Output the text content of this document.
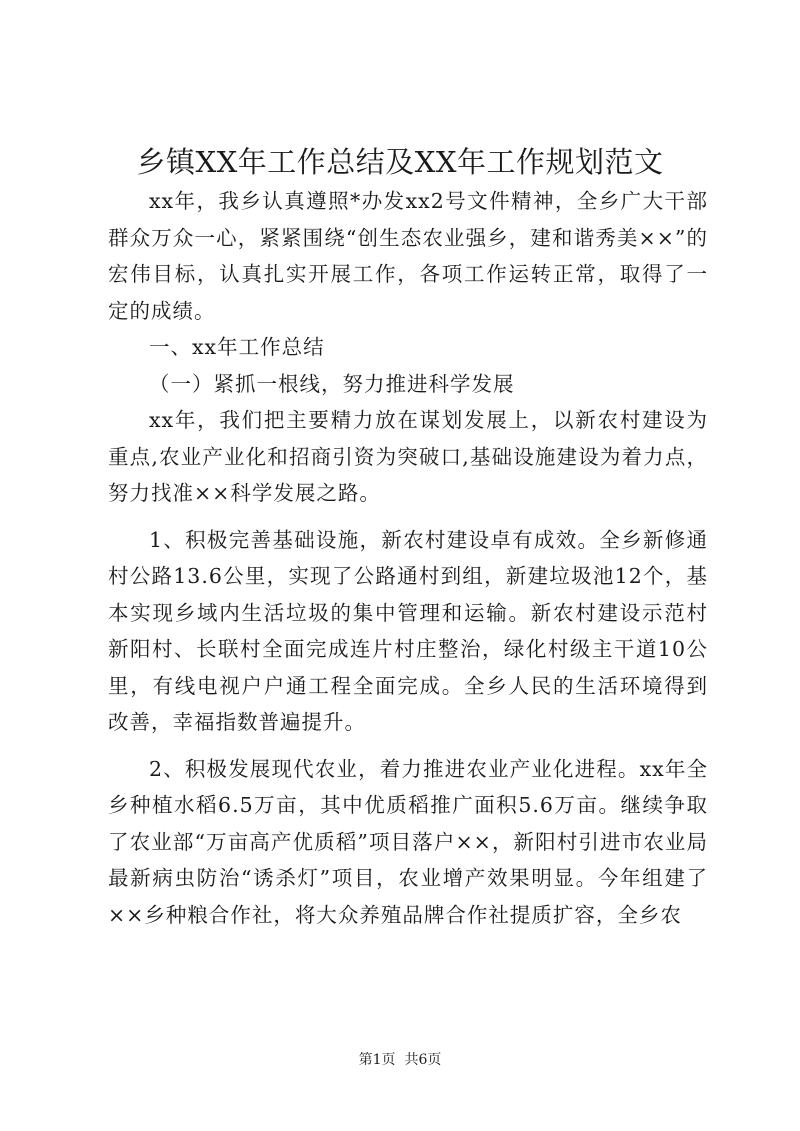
乡镇XX年工作总结及XX年工作规划范文

xx年，我乡认真遵照*办发xx2号文件精神，全乡广大干部群众万众一心，紧紧围绕“创生态农业强乡，建和谐秀美××”的宏伟目标，认真扎实开展工作，各项工作运转正常，取得了一定的成绩。

一、xx年工作总结

（一）紧抓一根线，努力推进科学发展

xx年，我们把主要精力放在谋划发展上，以新农村建设为重点,农业产业化和招商引资为突破口,基础设施建设为着力点，努力找准××科学发展之路。

1、积极完善基础设施，新农村建设卓有成效。全乡新修通村公路13.6公里，实现了公路通村到组，新建垃圾池12个，基本实现乡域内生活垃圾的集中管理和运输。新农村建设示范村新阳村、长联村全面完成连片村庄整治，绿化村级主干道10公里，有线电视户户通工程全面完成。全乡人民的生活环境得到改善，幸福指数普遍提升。

2、积极发展现代农业，着力推进农业产业化进程。xx年全乡种植水稻6.5万亩，其中优质稻推广面积5.6万亩。继续争取了农业部“万亩高产优质稻”项目落户××，新阳村引进市农业局最新病虫防治“诱杀灯”项目，农业增产效果明显。今年组建了××乡种粮合作社，将大众养殖品牌合作社提质扩容，全乡农

第1页  共6页
